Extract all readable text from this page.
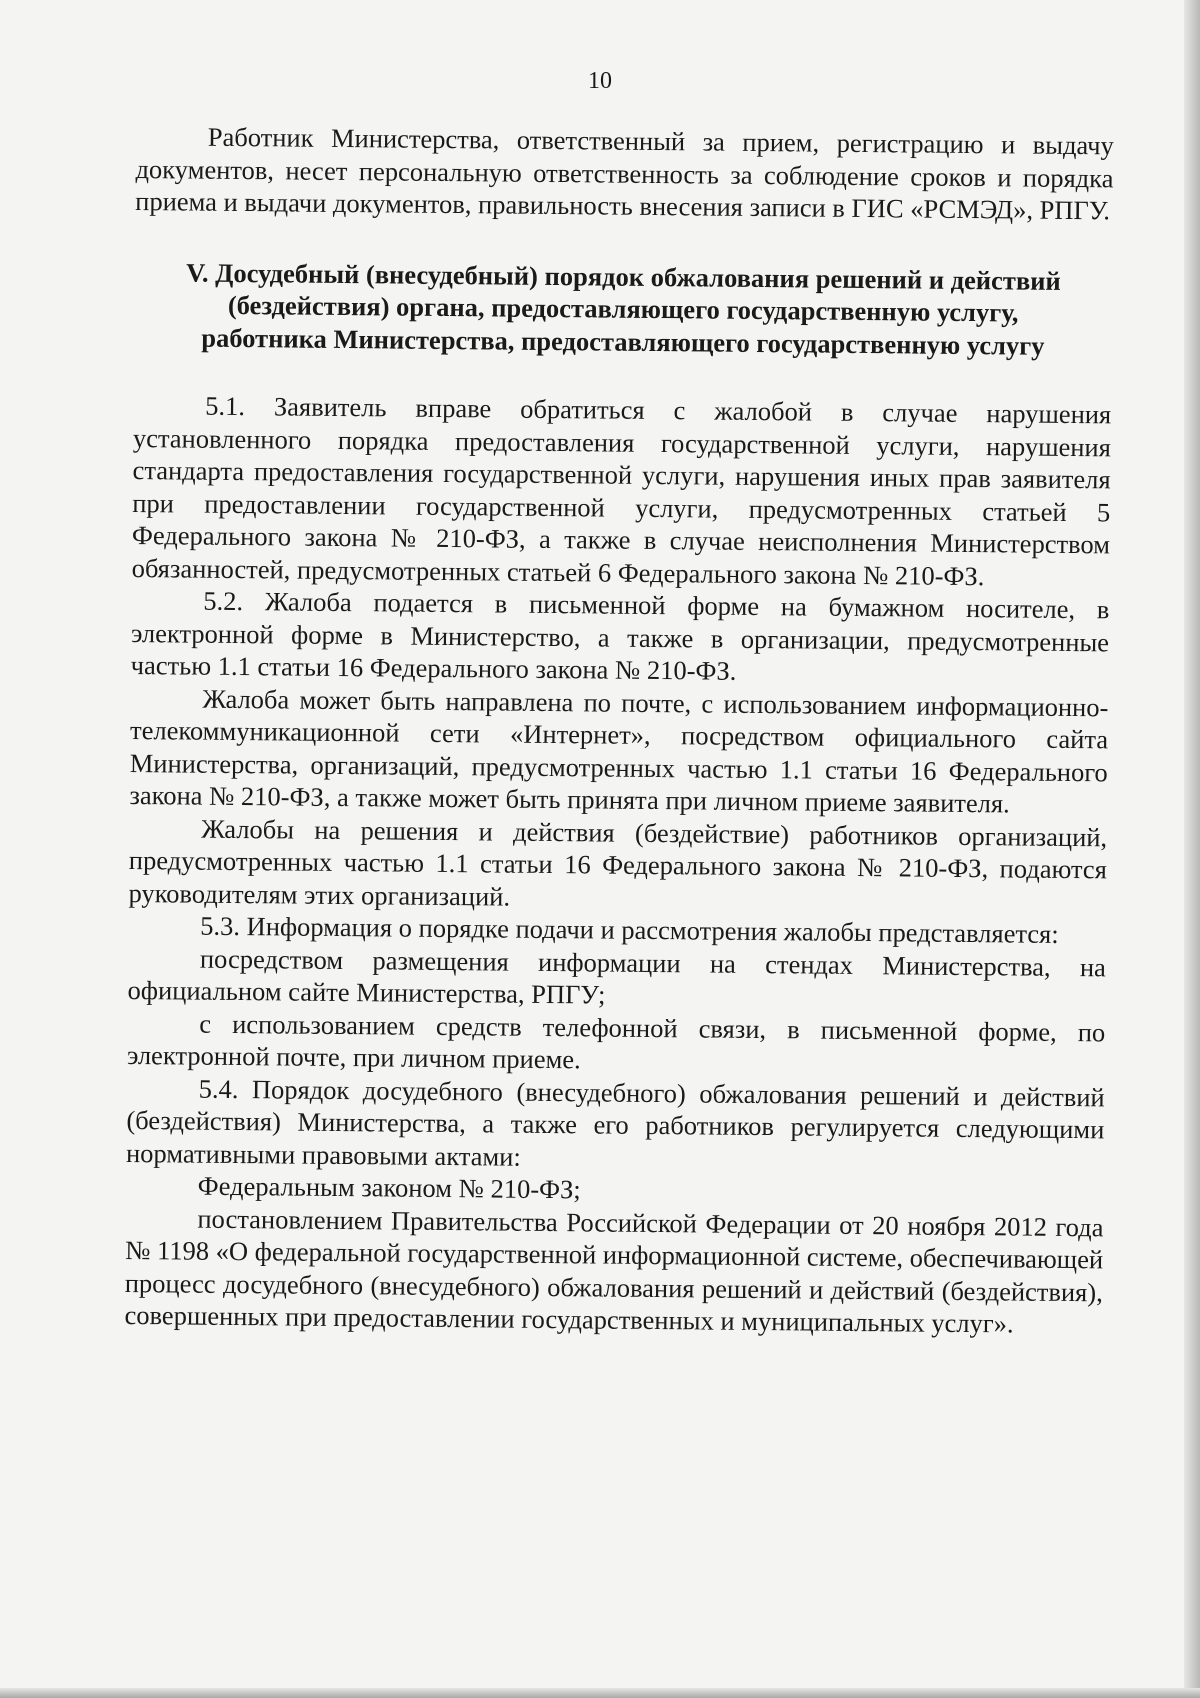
10

Работник Министерства, ответственный за прием, регистрацию и выдачу документов, несет персональную ответственность за соблюдение сроков и порядка приема и выдачи документов, правильность внесения записи в ГИС «РСМЭД», РПГУ.

V. Досудебный (внесудебный) порядок обжалования решений и действий
(бездействия) органа, предоставляющего государственную услугу,
работника Министерства, предоставляющего государственную услугу

5.1. Заявитель вправе обратиться с жалобой в случае нарушения установленного порядка предоставления государственной услуги, нарушения стандарта предоставления государственной услуги, нарушения иных прав заявителя при предоставлении государственной услуги, предусмотренных статьей 5 Федерального закона № 210-ФЗ, а также в случае неисполнения Министерством обязанностей, предусмотренных статьей 6 Федерального закона № 210-ФЗ.

5.2. Жалоба подается в письменной форме на бумажном носителе, в электронной форме в Министерство, а также в организации, предусмотренные частью 1.1 статьи 16 Федерального закона № 210-ФЗ.

Жалоба может быть направлена по почте, с использованием информационно-телекоммуникационной сети «Интернет», посредством официального сайта Министерства, организаций, предусмотренных частью 1.1 статьи 16 Федерального закона № 210-ФЗ, а также может быть принята при личном приеме заявителя.

Жалобы на решения и действия (бездействие) работников организаций, предусмотренных частью 1.1 статьи 16 Федерального закона № 210-ФЗ, подаются руководителям этих организаций.

5.3. Информация о порядке подачи и рассмотрения жалобы представляется:

посредством размещения информации на стендах Министерства, на официальном сайте Министерства, РПГУ;

с использованием средств телефонной связи, в письменной форме, по электронной почте, при личном приеме.

5.4. Порядок досудебного (внесудебного) обжалования решений и действий (бездействия) Министерства, а также его работников регулируется следующими нормативными правовыми актами:

Федеральным законом № 210-ФЗ;

постановлением Правительства Российской Федерации от 20 ноября 2012 года № 1198 «О федеральной государственной информационной системе, обеспечивающей процесс досудебного (внесудебного) обжалования решений и действий (бездействия), совершенных при предоставлении государственных и муниципальных услуг».
